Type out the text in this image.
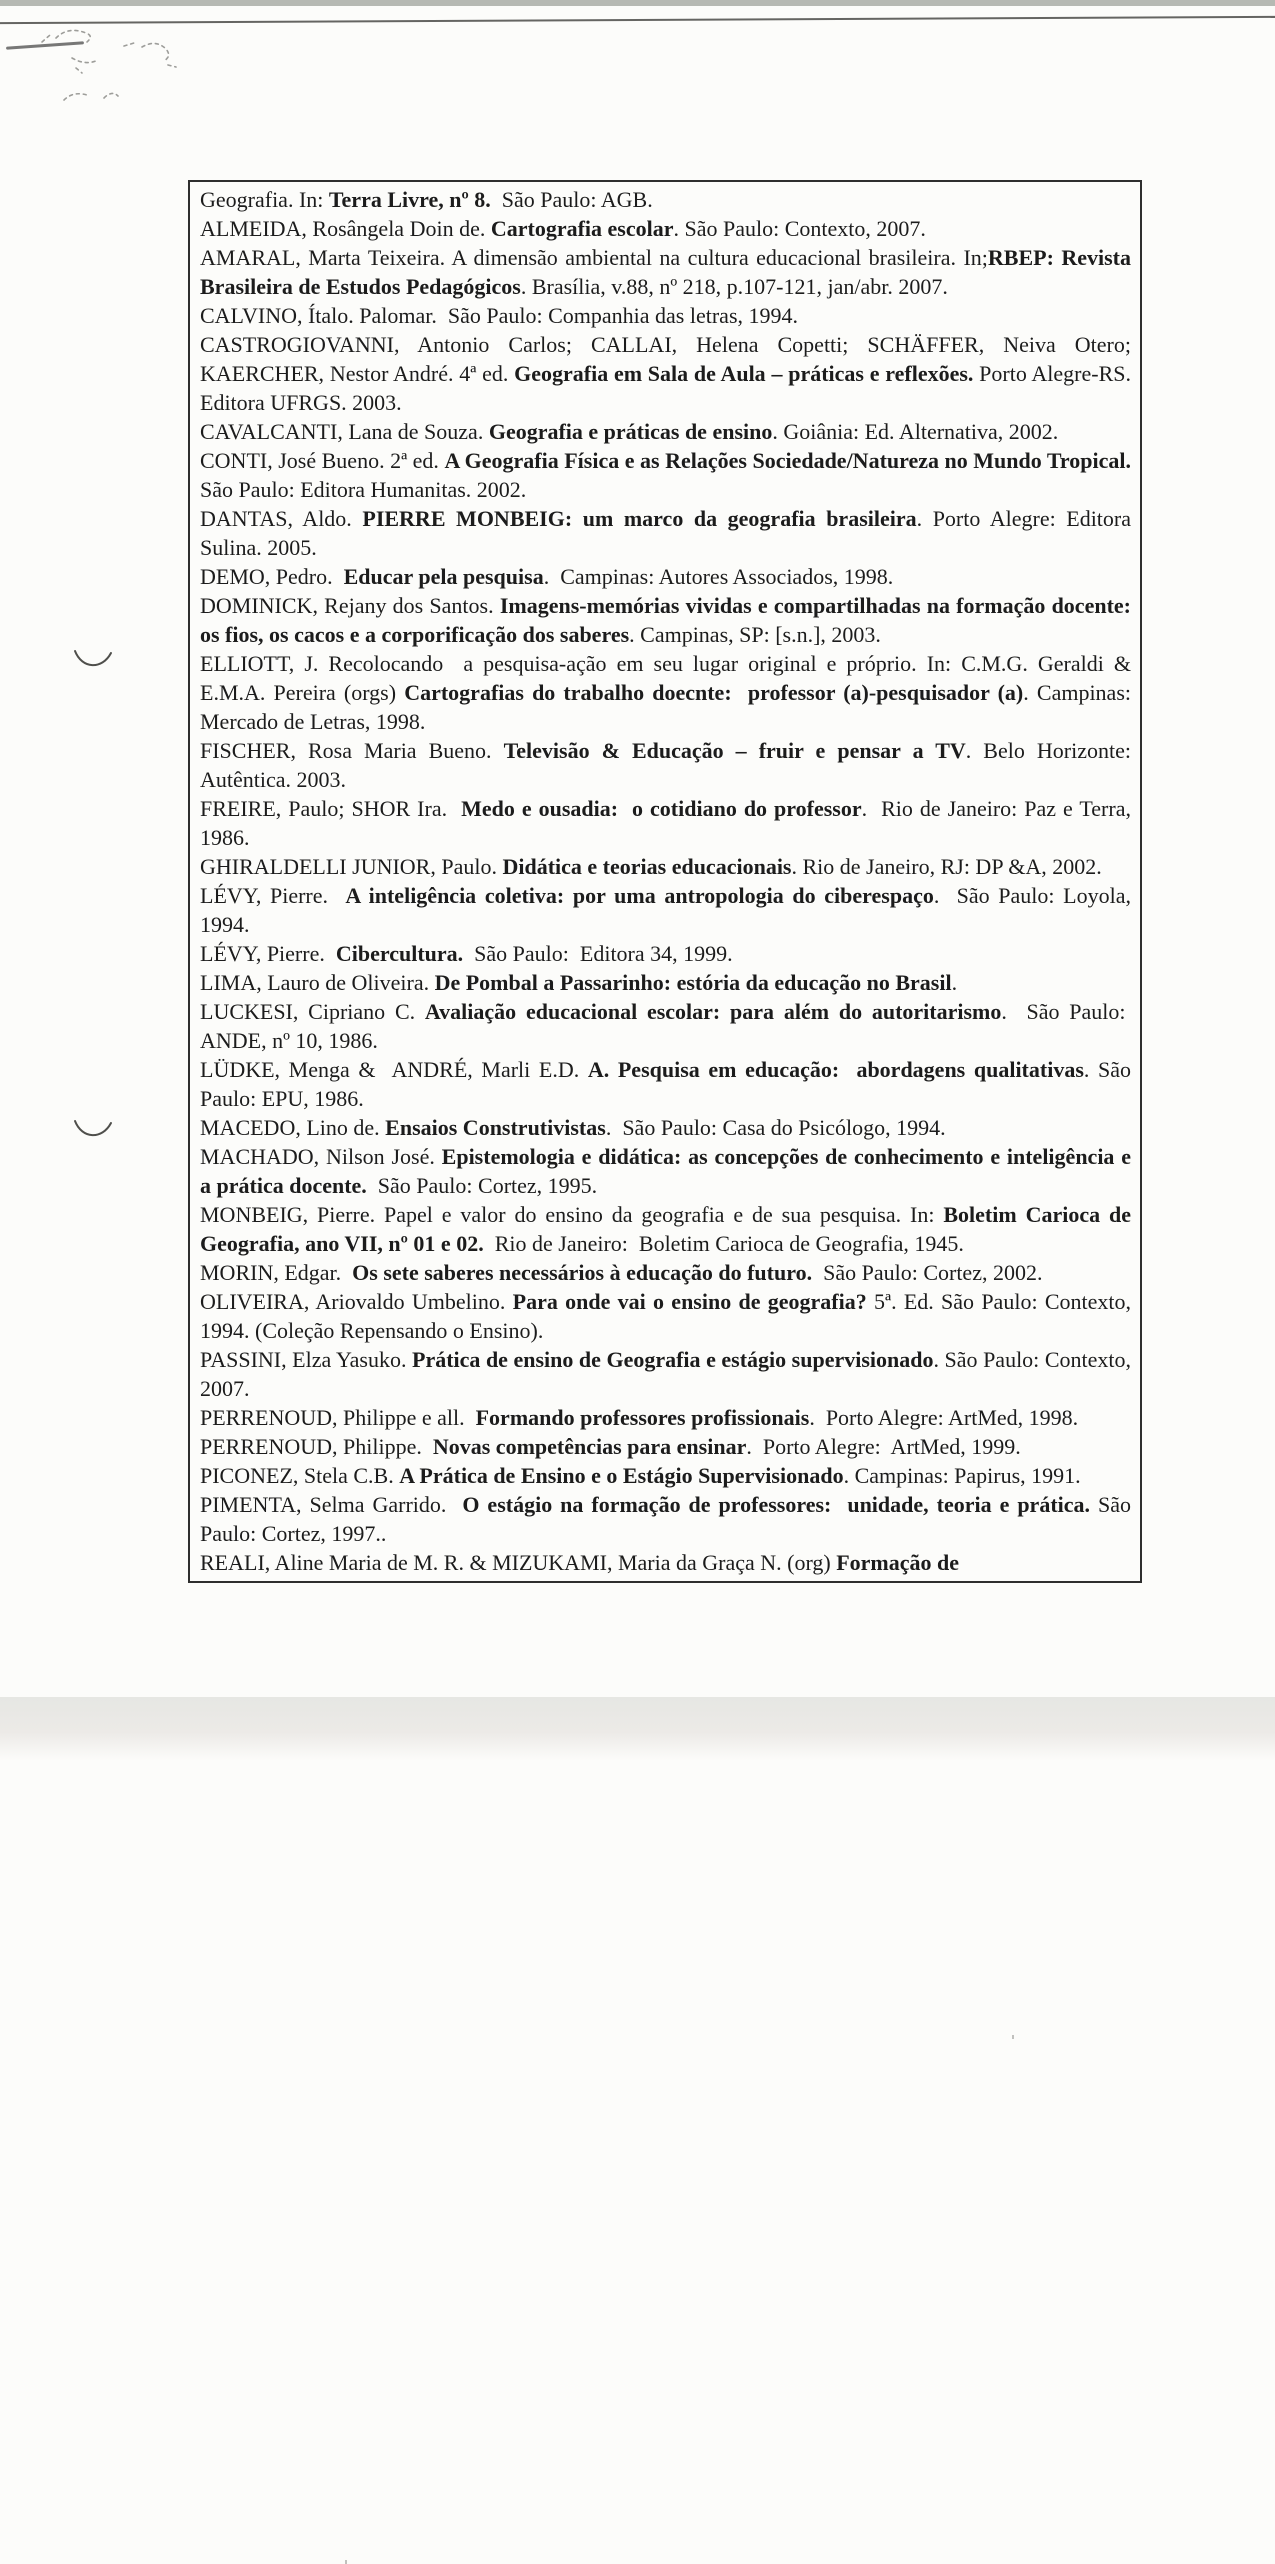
Geografia. In: Terra Livre, nº 8.  São Paulo: AGB.

ALMEIDA, Rosângela Doin de. Cartografia escolar. São Paulo: Contexto, 2007.

AMARAL, Marta Teixeira. A dimensão ambiental na cultura educacional brasileira. In;RBEP: Revista Brasileira de Estudos Pedagógicos. Brasília, v.88, nº 218, p.107-121, jan/abr. 2007.

CALVINO, Ítalo. Palomar.  São Paulo: Companhia das letras, 1994.

CASTROGIOVANNI, Antonio Carlos; CALLAI, Helena Copetti; SCHÄFFER, Neiva Otero; KAERCHER, Nestor André. 4ª ed. Geografia em Sala de Aula – práticas e reflexões. Porto Alegre-RS. Editora UFRGS. 2003.

CAVALCANTI, Lana de Souza. Geografia e práticas de ensino. Goiânia: Ed. Alternativa, 2002.

CONTI, José Bueno. 2ª ed. A Geografia Física e as Relações Sociedade/Natureza no Mundo Tropical. São Paulo: Editora Humanitas. 2002.

DANTAS, Aldo. PIERRE MONBEIG: um marco da geografia brasileira. Porto Alegre: Editora Sulina. 2005.

DEMO, Pedro.  Educar pela pesquisa.  Campinas: Autores Associados, 1998.

DOMINICK, Rejany dos Santos. Imagens-memórias vividas e compartilhadas na formação docente: os fios, os cacos e a corporificação dos saberes. Campinas, SP: [s.n.], 2003.

ELLIOTT, J. Recolocando  a pesquisa-ação em seu lugar original e próprio. In: C.M.G. Geraldi & E.M.A. Pereira (orgs) Cartografias do trabalho doecnte:  professor (a)-pesquisador (a). Campinas: Mercado de Letras, 1998.

FISCHER, Rosa Maria Bueno. Televisão & Educação – fruir e pensar a TV. Belo Horizonte: Autêntica. 2003.

FREIRE, Paulo; SHOR Ira.  Medo e ousadia:  o cotidiano do professor.  Rio de Janeiro: Paz e Terra, 1986.

GHIRALDELLI JUNIOR, Paulo. Didática e teorias educacionais. Rio de Janeiro, RJ: DP &A, 2002.

LÉVY, Pierre.  A inteligência coletiva: por uma antropologia do ciberespaço.  São Paulo: Loyola, 1994.

LÉVY, Pierre.  Cibercultura.  São Paulo:  Editora 34, 1999.

LIMA, Lauro de Oliveira. De Pombal a Passarinho: estória da educação no Brasil.

LUCKESI, Cipriano C. Avaliação educacional escolar: para além do autoritarismo.  São Paulo:  ANDE, nº 10, 1986.

LÜDKE, Menga &  ANDRÉ, Marli E.D. A. Pesquisa em educação:  abordagens qualitativas. São Paulo: EPU, 1986.

MACEDO, Lino de. Ensaios Construtivistas.  São Paulo: Casa do Psicólogo, 1994.

MACHADO, Nilson José. Epistemologia e didática: as concepções de conhecimento e inteligência e a prática docente.  São Paulo: Cortez, 1995.

MONBEIG, Pierre. Papel e valor do ensino da geografia e de sua pesquisa. In: Boletim Carioca de Geografia, ano VII, nº 01 e 02.  Rio de Janeiro:  Boletim Carioca de Geografia, 1945.

MORIN, Edgar.  Os sete saberes necessários à educação do futuro.  São Paulo: Cortez, 2002.

OLIVEIRA, Ariovaldo Umbelino. Para onde vai o ensino de geografia? 5ª. Ed. São Paulo: Contexto, 1994. (Coleção Repensando o Ensino).

PASSINI, Elza Yasuko. Prática de ensino de Geografia e estágio supervisionado. São Paulo: Contexto, 2007.

PERRENOUD, Philippe e all.  Formando professores profissionais.  Porto Alegre: ArtMed, 1998.

PERRENOUD, Philippe.  Novas competências para ensinar.  Porto Alegre:  ArtMed, 1999.

PICONEZ, Stela C.B. A Prática de Ensino e o Estágio Supervisionado. Campinas: Papirus, 1991.

PIMENTA, Selma Garrido.  O estágio na formação de professores:  unidade, teoria e prática. São Paulo: Cortez, 1997..

REALI, Aline Maria de M. R. & MIZUKAMI, Maria da Graça N. (org) Formação de
